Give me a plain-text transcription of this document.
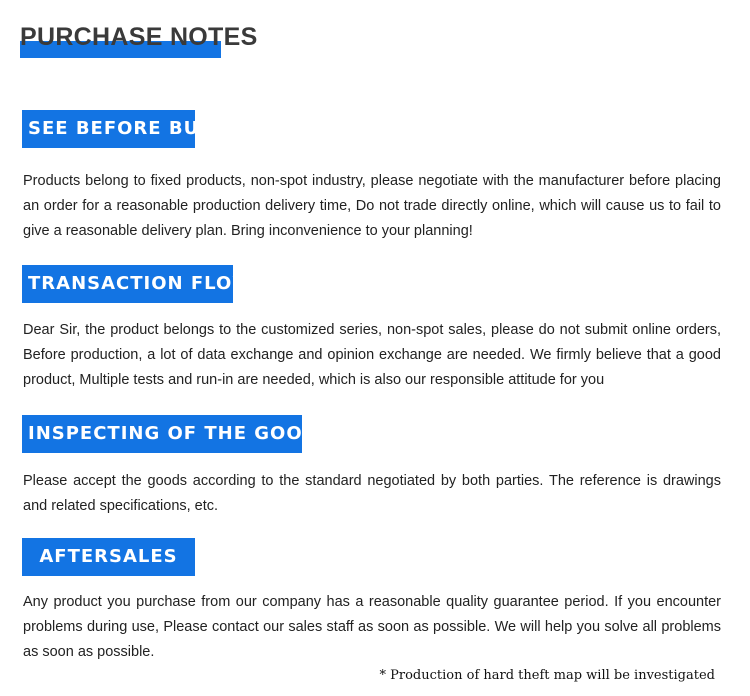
PURCHASE NOTES
SEE BEFORE BUY

Products belong to fixed products, non-spot industry, please negotiate with the manufacturer before placing an order for a reasonable production delivery time, Do not trade directly online, which will cause us to fail to give a reasonable delivery plan. Bring inconvenience to your planning!

TRANSACTION FLOW

Dear Sir, the product belongs to the customized series, non-spot sales, please do not submit online orders, Before production, a lot of data exchange and opinion exchange are needed. We firmly believe that a good product, Multiple tests and run-in are needed, which is also our responsible attitude for you

INSPECTING OF THE GOODS

Please accept the goods according to the standard negotiated by both parties. The reference is drawings and related specifications, etc.

AFTERSALES

Any product you purchase from our company has a reasonable quality guarantee period. If you encounter problems during use, Please contact our sales staff as soon as possible. We will help you solve all problems as soon as possible.

* Production of hard theft map will be investigated
